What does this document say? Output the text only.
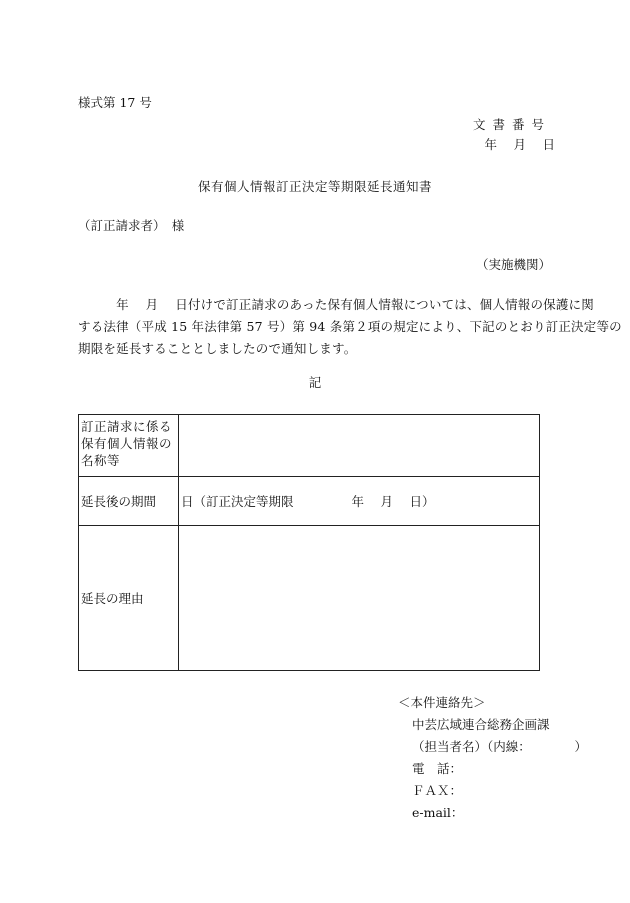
様式第 17 号
文書番号
年　月　日
保有個人情報訂正決定等期限延長通知書
（訂正請求者）　様
（実施機関）
　　　年　 月　 日付けで訂正請求のあった保有個人情報については、個人情報の保護に関
する法律（平成 15 年法律第 57 号）第 94 条第２項の規定により、下記のとおり訂正決定等の
期限を延長することとしましたので通知します。
記
訂正請求に係る保有個人情報の名称等	

延長後の期間	日（訂正決定等期限 年　 月　 日）
延長の理由	
＜本件連絡先＞
中芸広域連合総務企画課
（担当者名）（内線：　　　　）
電　話：
ＦＡＸ：
e-mail：
